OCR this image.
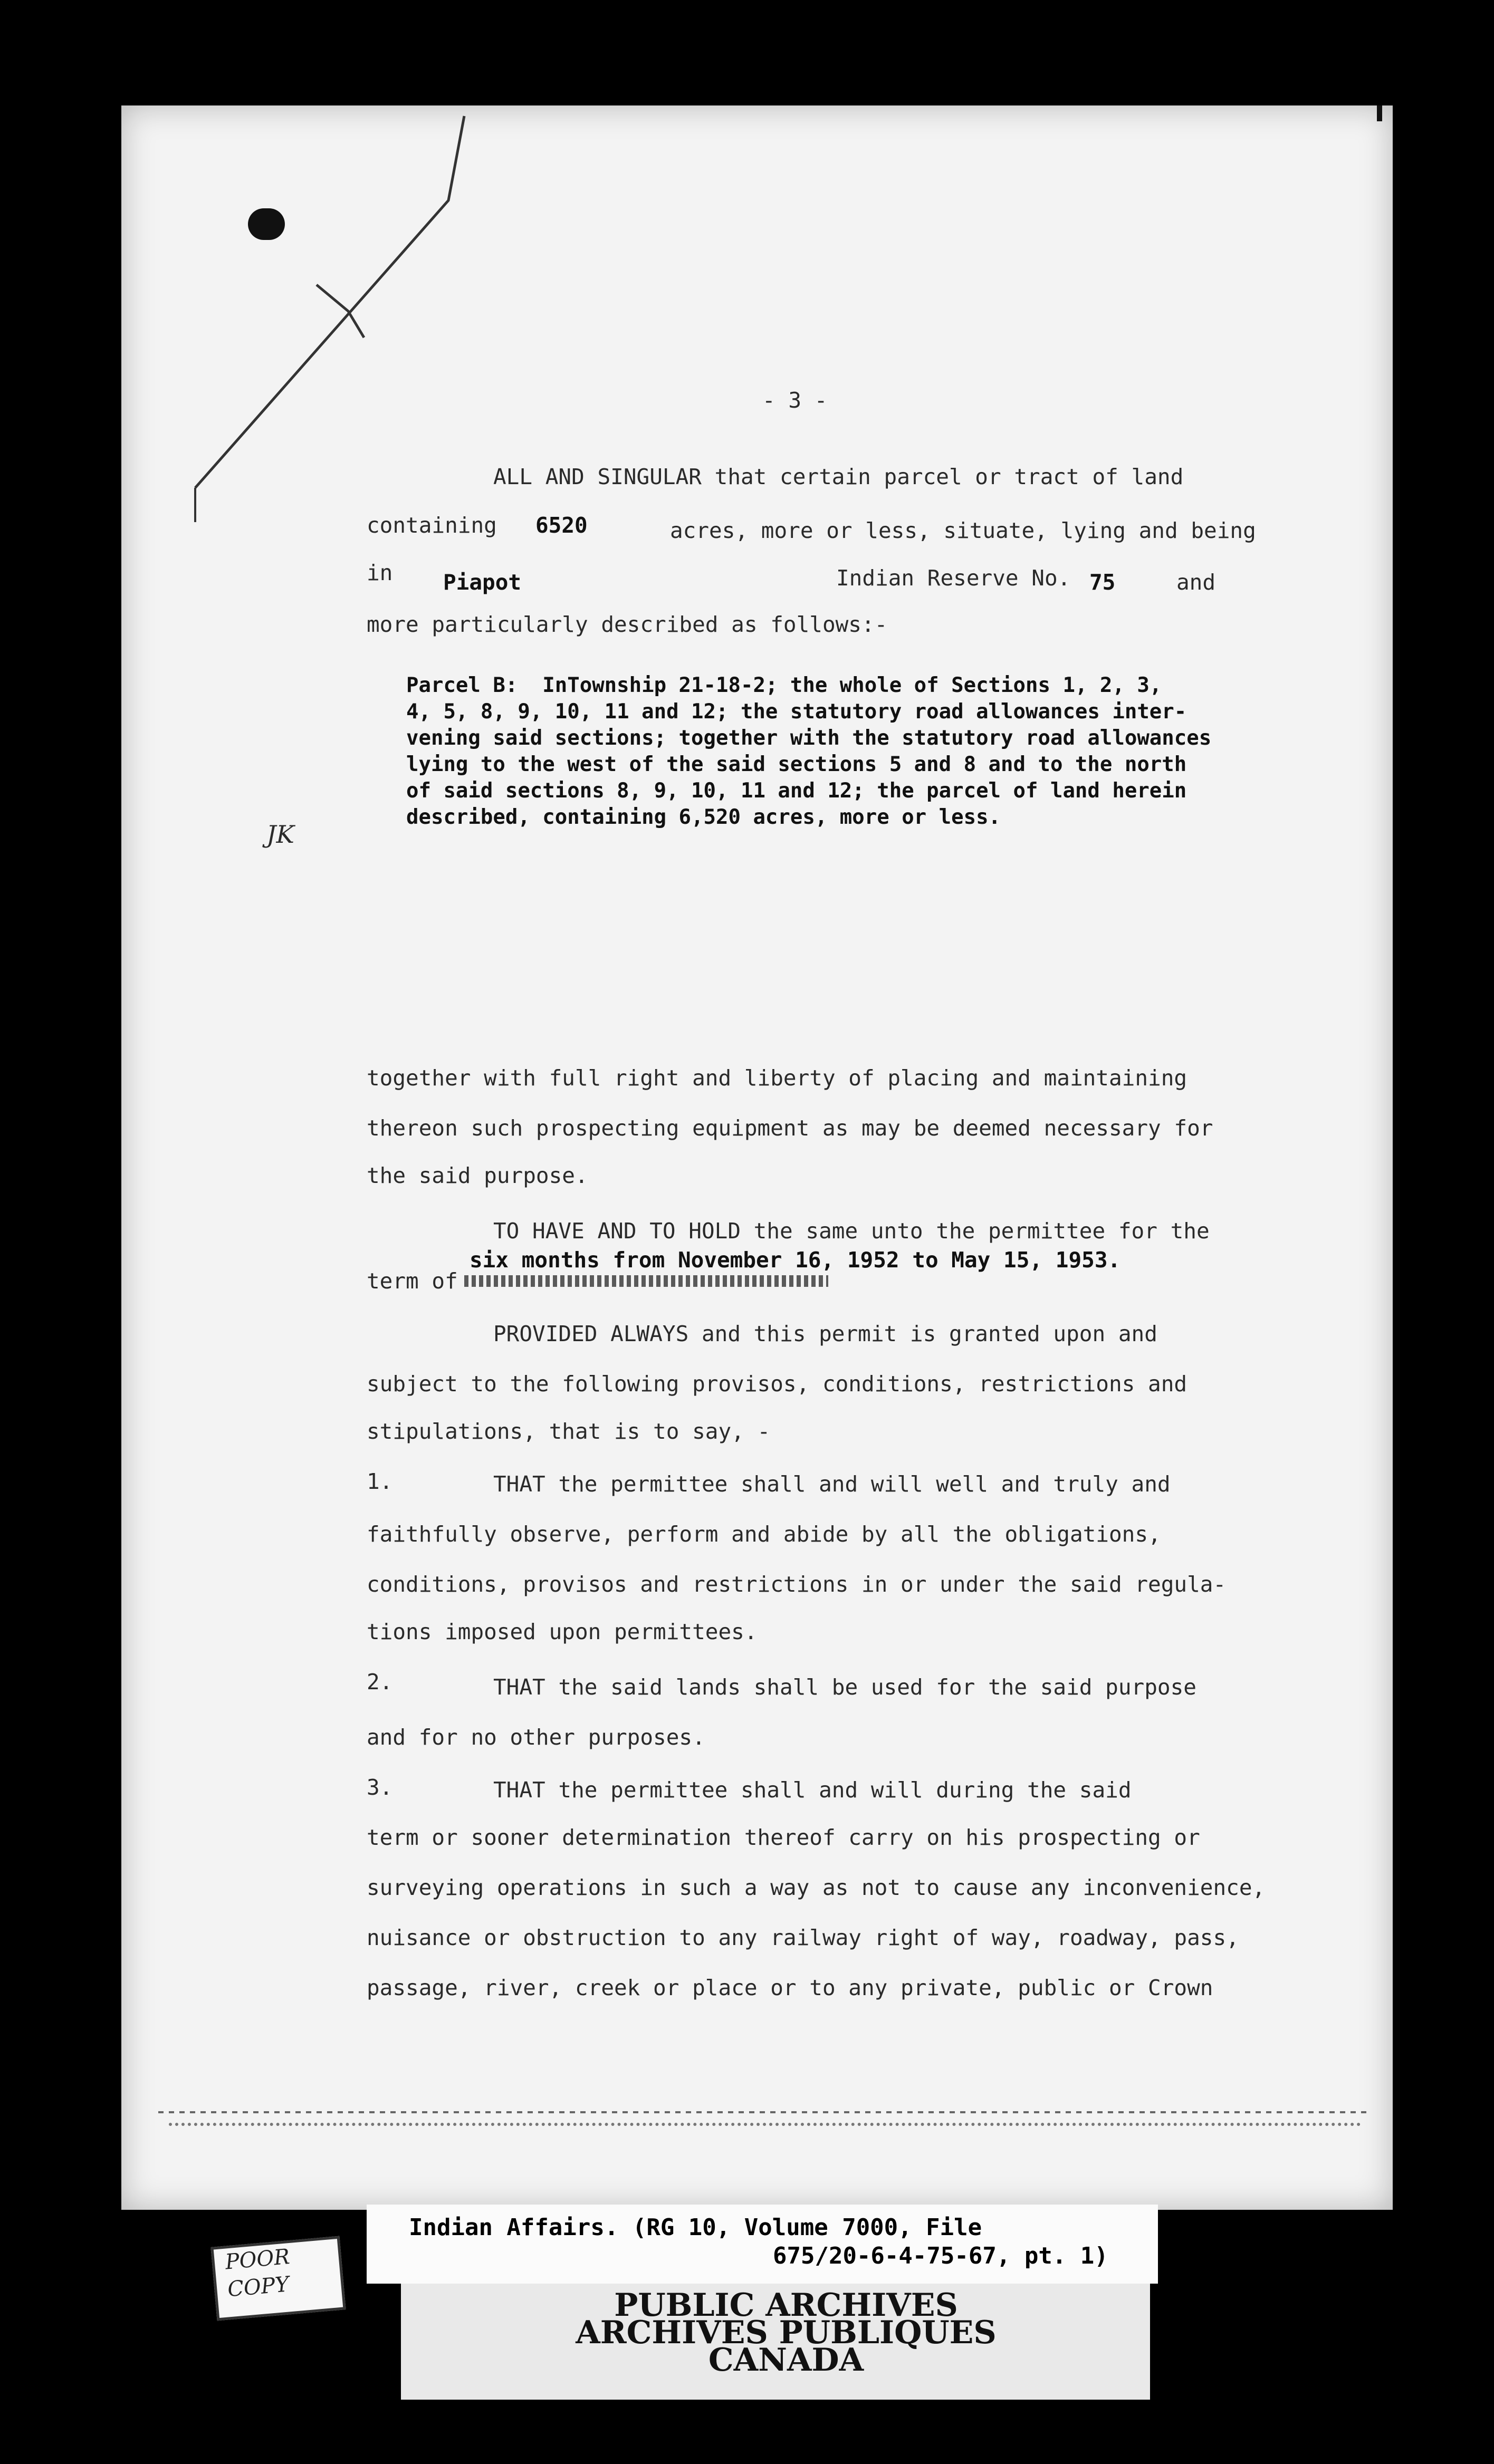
- 3 -
ALL AND SINGULAR that certain parcel or tract of land
containing 6520	acres, more or less, situate, lying and being
in Piapot	Indian Reserve No. 75	and
more particularly described as follows:-
Parcel B:  InTownship 21-18-2; the whole of Sections 1, 2, 3,
4, 5, 8, 9, 10, 11 and 12; the statutory road allowances inter-
vening said sections; together with the statutory road allowances
lying to the west of the said sections 5 and 8 and to the north
of said sections 8, 9, 10, 11 and 12; the parcel of land herein
described, containing 6,520 acres, more or less.
JK
together with full right and liberty of placing and maintaining
thereon such prospecting equipment as may be deemed necessary for
the said purpose.
TO HAVE AND TO HOLD the same unto the permittee for the
term of
six months from November 16, 1952 to May 15, 1953.
PROVIDED ALWAYS and this permit is granted upon and
subject to the following provisos, conditions, restrictions and
stipulations, that is to say, -
1.	THAT the permittee shall and will well and truly and
faithfully observe, perform and abide by all the obligations,
conditions, provisos and restrictions in or under the said regula-
tions imposed upon permittees.
2.	THAT the said lands shall be used for the said purpose
and for no other purposes.
3.	THAT the permittee shall and will during the said
term or sooner determination thereof carry on his prospecting or
surveying operations in such a way as not to cause any inconvenience,
nuisance or obstruction to any railway right of way, roadway, pass,
passage, river, creek or place or to any private, public or Crown
Indian Affairs. (RG 10, Volume 7000, File
675/20-6-4-75-67, pt. 1)
PUBLIC ARCHIVES
ARCHIVES PUBLIQUES
CANADA
POOR
COPY
